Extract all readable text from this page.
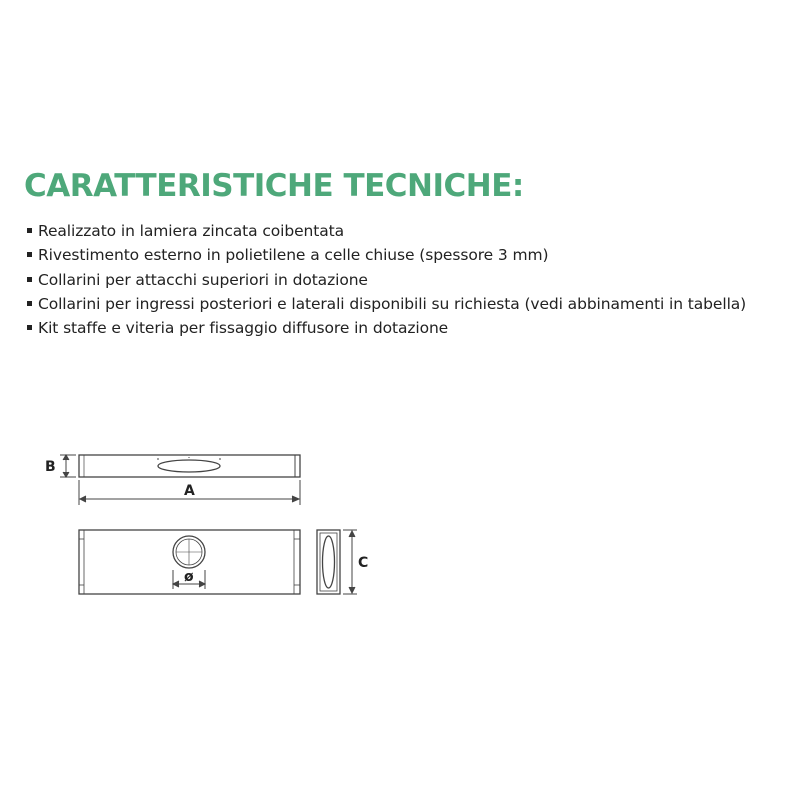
CARATTERISTICHE TECNICHE:
Realizzato in lamiera zincata coibentata
Rivestimento esterno in polietilene a celle chiuse (spessore 3 mm)
Collarini per attacchi superiori in dotazione
Collarini per ingressi posteriori e laterali disponibili su richiesta (vedi abbinamenti in tabella)
Kit staffe e viteria per fissaggio diffusore in dotazione
B
A
C
ø
